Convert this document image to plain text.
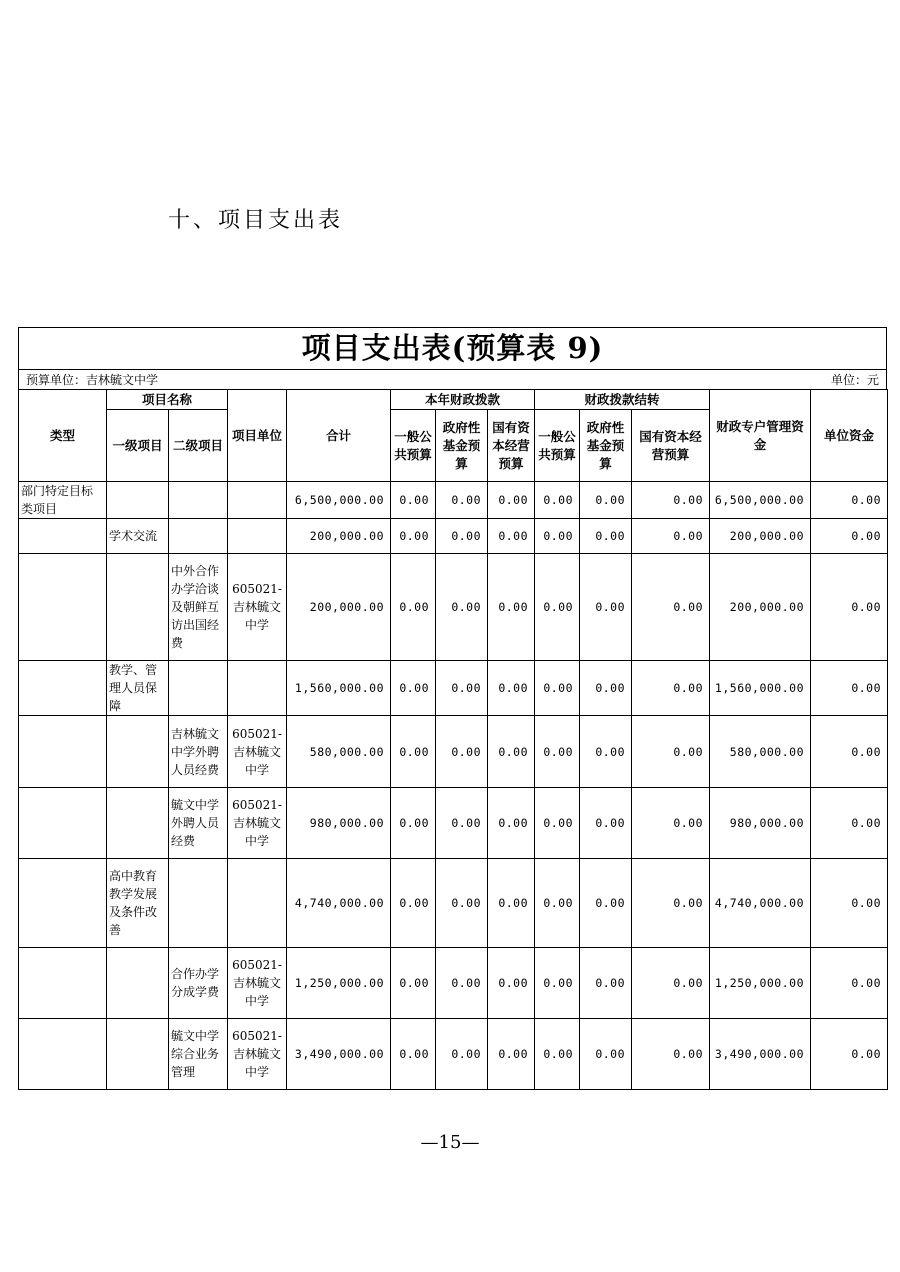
十、项目支出表
项目支出表(预算表 9)
预算单位：吉林毓文中学	单位：元
类型	项目名称		项目单位	合计	本年财政拨款			财政拨款结转			财政专户管理资金	单位资金
	一级项目	二级项目			一般公共预算	政府性基金预算	国有资本经营预算	一般公共预算	政府性基金预算	国有资本经营预算		
部门特定目标类项目				6,500,000.00	0.00	0.00	0.00	0.00	0.00	0.00	6,500,000.00	0.00
	学术交流			200,000.00	0.00	0.00	0.00	0.00	0.00	0.00	200,000.00	0.00
		中外合作办学洽谈及朝鲜互访出国经费	605021-吉林毓文中学	200,000.00	0.00	0.00	0.00	0.00	0.00	0.00	200,000.00	0.00
	教学、管理人员保障			1,560,000.00	0.00	0.00	0.00	0.00	0.00	0.00	1,560,000.00	0.00
		吉林毓文中学外聘人员经费	605021-吉林毓文中学	580,000.00	0.00	0.00	0.00	0.00	0.00	0.00	580,000.00	0.00
		毓文中学外聘人员经费	605021-吉林毓文中学	980,000.00	0.00	0.00	0.00	0.00	0.00	0.00	980,000.00	0.00
	高中教育教学发展及条件改善			4,740,000.00	0.00	0.00	0.00	0.00	0.00	0.00	4,740,000.00	0.00
		合作办学分成学费	605021-吉林毓文中学	1,250,000.00	0.00	0.00	0.00	0.00	0.00	0.00	1,250,000.00	0.00
		毓文中学综合业务管理	605021-吉林毓文中学	3,490,000.00	0.00	0.00	0.00	0.00	0.00	0.00	3,490,000.00	0.00
—15—
